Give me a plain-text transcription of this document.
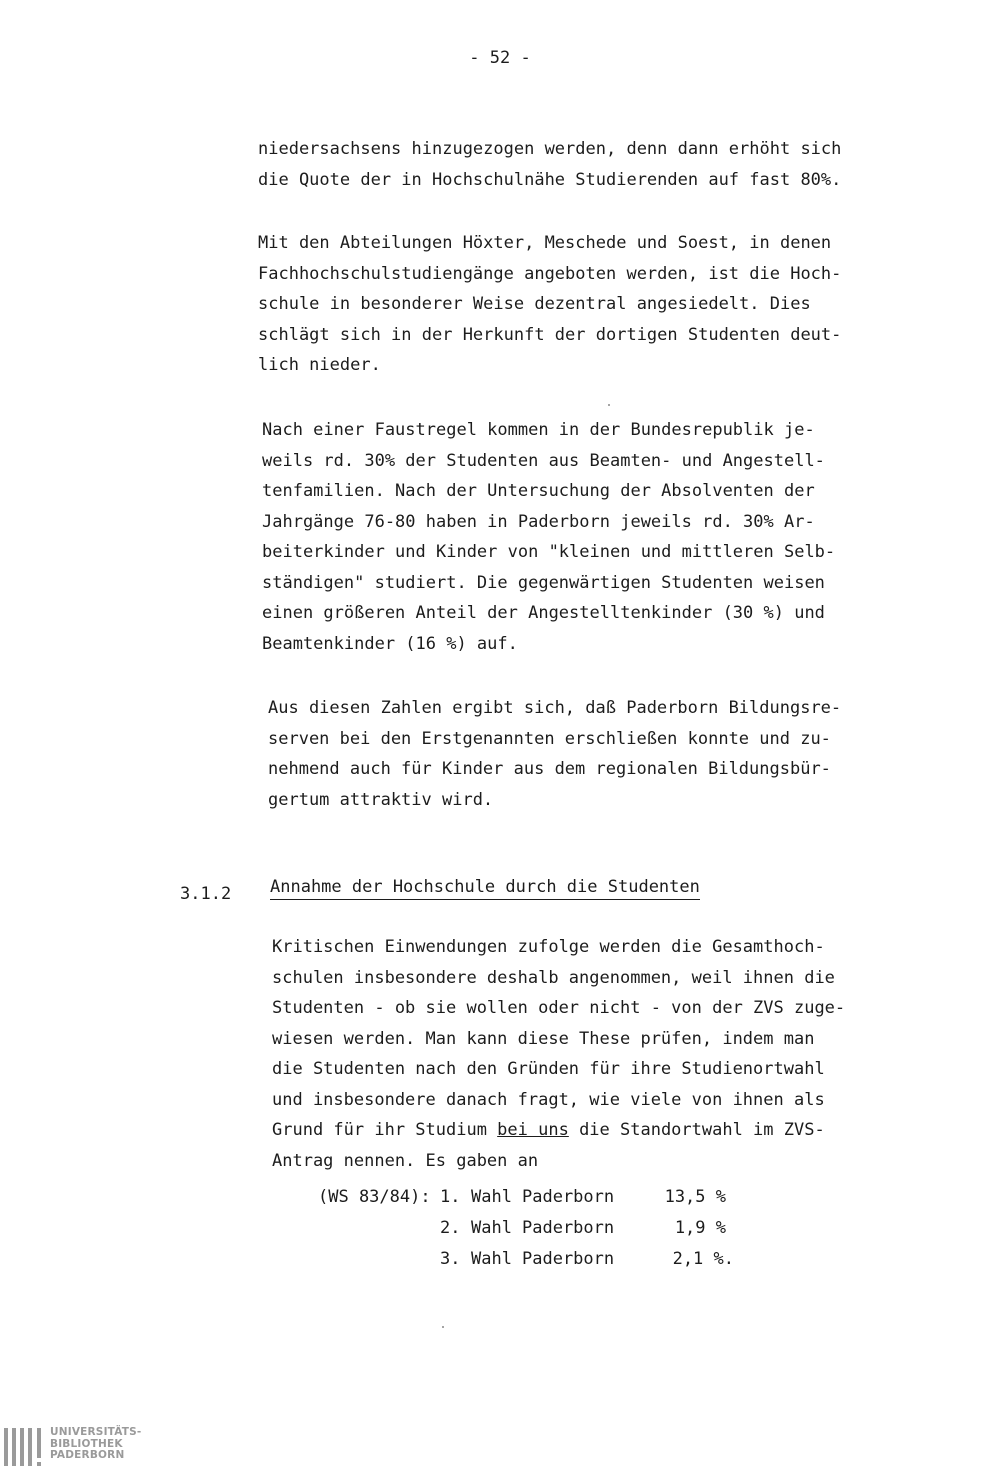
- 52 -
niedersachsens hinzugezogen werden, denn dann erhöht sich
die Quote der in Hochschulnähe Studierenden auf fast 80%.
Mit den Abteilungen Höxter, Meschede und Soest, in denen
Fachhochschulstudiengänge angeboten werden, ist die Hoch-
schule in besonderer Weise dezentral angesiedelt. Dies
schlägt sich in der Herkunft der dortigen Studenten deut-
lich nieder.
Nach einer Faustregel kommen in der Bundesrepublik je-
weils rd. 30% der Studenten aus Beamten- und Angestell-
tenfamilien. Nach der Untersuchung der Absolventen der
Jahrgänge 76-80 haben in Paderborn jeweils rd. 30% Ar-
beiterkinder und Kinder von "kleinen und mittleren Selb-
ständigen" studiert. Die gegenwärtigen Studenten weisen
einen größeren Anteil der Angestelltenkinder (30 %) und
Beamtenkinder (16 %) auf.
Aus diesen Zahlen ergibt sich, daß Paderborn Bildungsre-
serven bei den Erstgenannten erschließen konnte und zu-
nehmend auch für Kinder aus dem regionalen Bildungsbür-
gertum attraktiv wird.
3.1.2 Annahme der Hochschule durch die Studenten
Kritischen Einwendungen zufolge werden die Gesamthoch-
schulen insbesondere deshalb angenommen, weil ihnen die
Studenten - ob sie wollen oder nicht - von der ZVS zuge-
wiesen werden. Man kann diese These prüfen, indem man
die Studenten nach den Gründen für ihre Studienortwahl
und insbesondere danach fragt, wie viele von ihnen als
Grund für ihr Studium bei uns die Standortwahl im ZVS-
Antrag nennen. Es gaben an
(WS 83/84): 1. Wahl Paderborn	13,5 %
2. Wahl Paderborn	1,9 %
3. Wahl Paderborn	2,1 %.
UNIVERSITÄTS-
BIBLIOTHEK
PADERBORN
